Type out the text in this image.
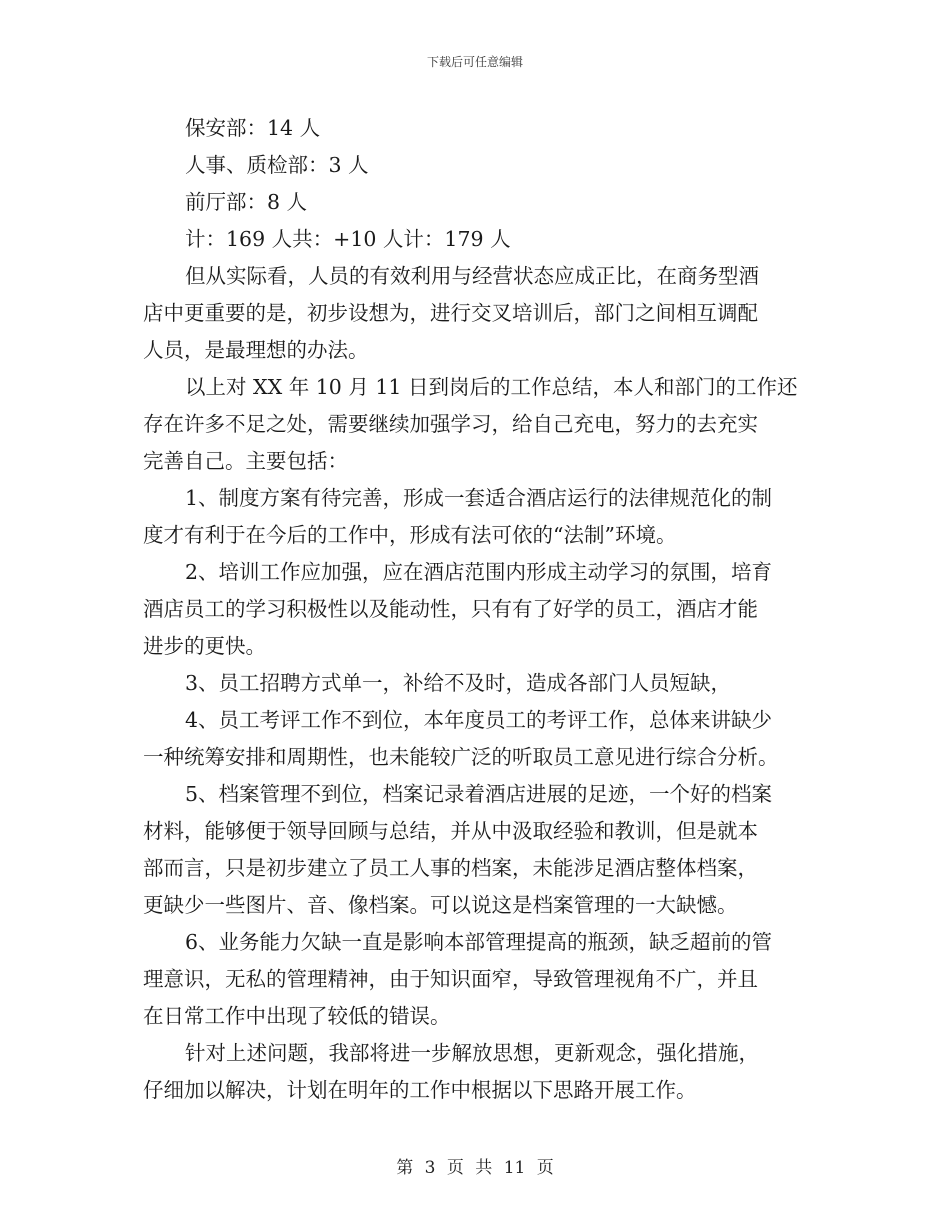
下载后可任意编辑
保安部：14 人
人事、质检部：3 人
前厅部：8 人
计：169 人共：+10 人计：179 人
但从实际看，人员的有效利用与经营状态应成正比，在商务型酒
店中更重要的是，初步设想为，进行交叉培训后，部门之间相互调配
人员，是最理想的办法。
以上对 XX 年 10 月 11 日到岗后的工作总结，本人和部门的工作还
存在许多不足之处，需要继续加强学习，给自己充电，努力的去充实
完善自己。主要包括：
1、制度方案有待完善，形成一套适合酒店运行的法律规范化的制
度才有利于在今后的工作中，形成有法可依的“法制”环境。
2、培训工作应加强，应在酒店范围内形成主动学习的氛围，培育
酒店员工的学习积极性以及能动性，只有有了好学的员工，酒店才能
进步的更快。
3、员工招聘方式单一，补给不及时，造成各部门人员短缺，
4、员工考评工作不到位，本年度员工的考评工作，总体来讲缺少
一种统筹安排和周期性，也未能较广泛的听取员工意见进行综合分析。
5、档案管理不到位，档案记录着酒店进展的足迹，一个好的档案
材料，能够便于领导回顾与总结，并从中汲取经验和教训，但是就本
部而言，只是初步建立了员工人事的档案，未能涉足酒店整体档案，
更缺少一些图片、音、像档案。可以说这是档案管理的一大缺憾。
6、业务能力欠缺一直是影响本部管理提高的瓶颈，缺乏超前的管
理意识，无私的管理精神，由于知识面窄，导致管理视角不广，并且
在日常工作中出现了较低的错误。
针对上述问题，我部将进一步解放思想，更新观念，强化措施，
仔细加以解决，计划在明年的工作中根据以下思路开展工作。
第 3 页 共 11 页
